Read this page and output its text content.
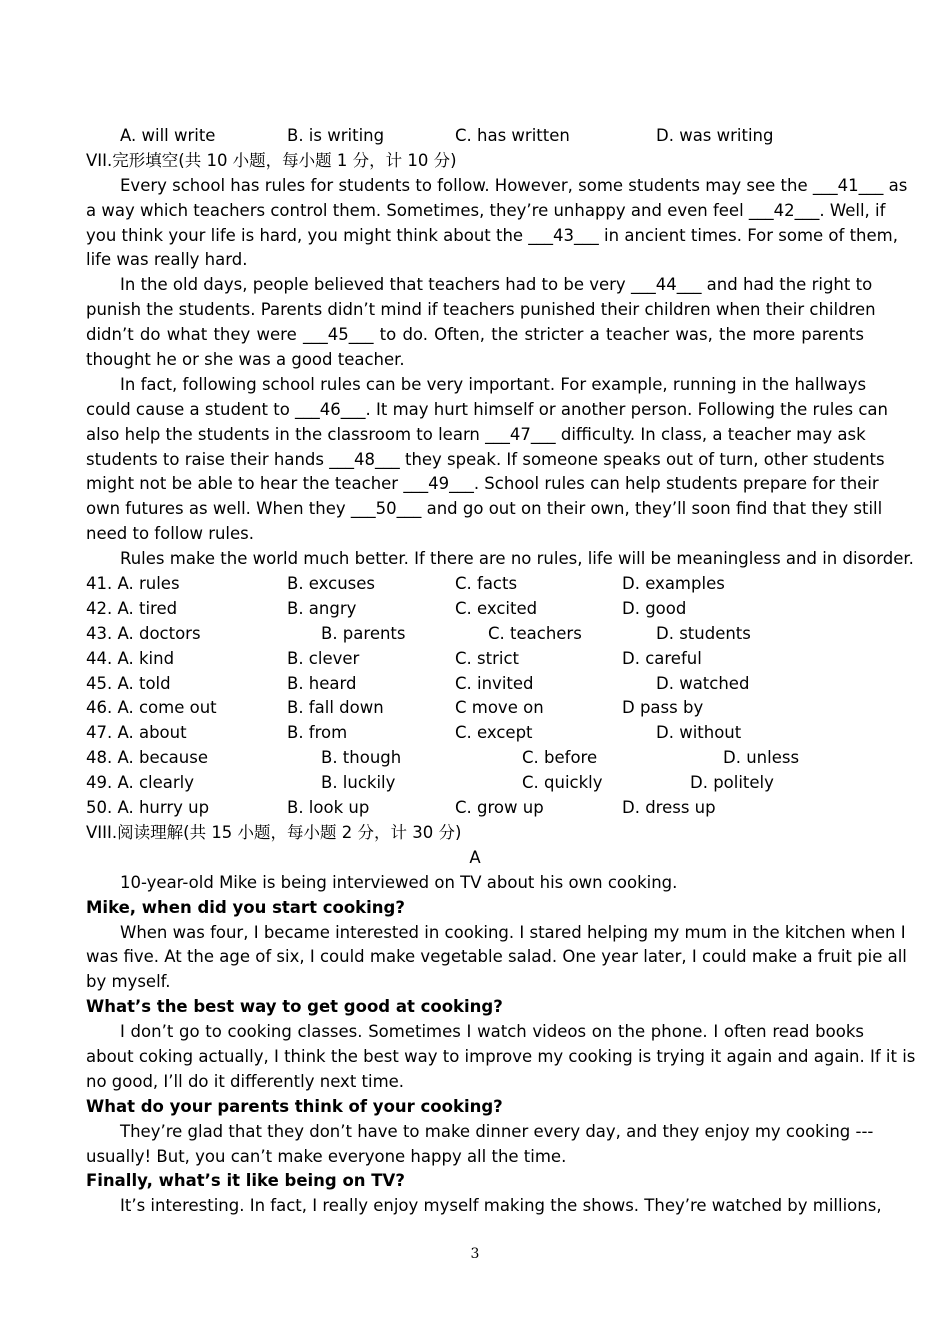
A. will write	B. is writing	C. has written	D. was writing
VII.完形填空(共 10 小题，每小题 1 分，计 10 分)
Every school has rules for students to follow. However, some students may see the ___41___ as
a way which teachers control them. Sometimes, they’re unhappy and even feel ___42___. Well, if
you think your life is hard, you might think about the ___43___ in ancient times. For some of them,
life was really hard.
In the old days, people believed that teachers had to be very ___44___ and had the right to
punish the students. Parents didn’t mind if teachers punished their children when their children
didn’t do what they were ___45___ to do. Often, the stricter a teacher was, the more parents
thought he or she was a good teacher.
In fact, following school rules can be very important. For example, running in the hallways
could cause a student to ___46___. It may hurt himself or another person. Following the rules can
also help the students in the classroom to learn ___47___ difficulty. In class, a teacher may ask
students to raise their hands ___48___ they speak. If someone speaks out of turn, other students
might not be able to hear the teacher ___49___. School rules can help students prepare for their
own futures as well. When they ___50___ and go out on their own, they’ll soon find that they still
need to follow rules.
Rules make the world much better. If there are no rules, life will be meaningless and in disorder.
41. A. rules	B. excuses	C. facts	D. examples
42. A. tired	B. angry	C. excited	D. good
43. A. doctors	B. parents	C. teachers	D. students
44. A. kind	B. clever	C. strict	D. careful
45. A. told	B. heard	C. invited	D. watched
46. A. come out	B. fall down	C move on	D pass by
47. A. about	B. from	C. except	D. without
48. A. because	B. though	C. before	D. unless
49. A. clearly	B. luckily	C. quickly	D. politely
50. A. hurry up	B. look up	C. grow up	D. dress up
VIII.阅读理解(共 15 小题，每小题 2 分，计 30 分)
A
10-year-old Mike is being interviewed on TV about his own cooking.
Mike, when did you start cooking?
When was four, I became interested in cooking. I stared helping my mum in the kitchen when I
was five. At the age of six, I could make vegetable salad. One year later, I could make a fruit pie all
by myself.
What’s the best way to get good at cooking?
I don’t go to cooking classes. Sometimes I watch videos on the phone. I often read books
about coking actually, I think the best way to improve my cooking is trying it again and again. If it is
no good, I’ll do it differently next time.
What do your parents think of your cooking?
They’re glad that they don’t have to make dinner every day, and they enjoy my cooking ---
usually! But, you can’t make everyone happy all the time.
Finally, what’s it like being on TV?
It’s interesting. In fact, I really enjoy myself making the shows. They’re watched by millions,
3
